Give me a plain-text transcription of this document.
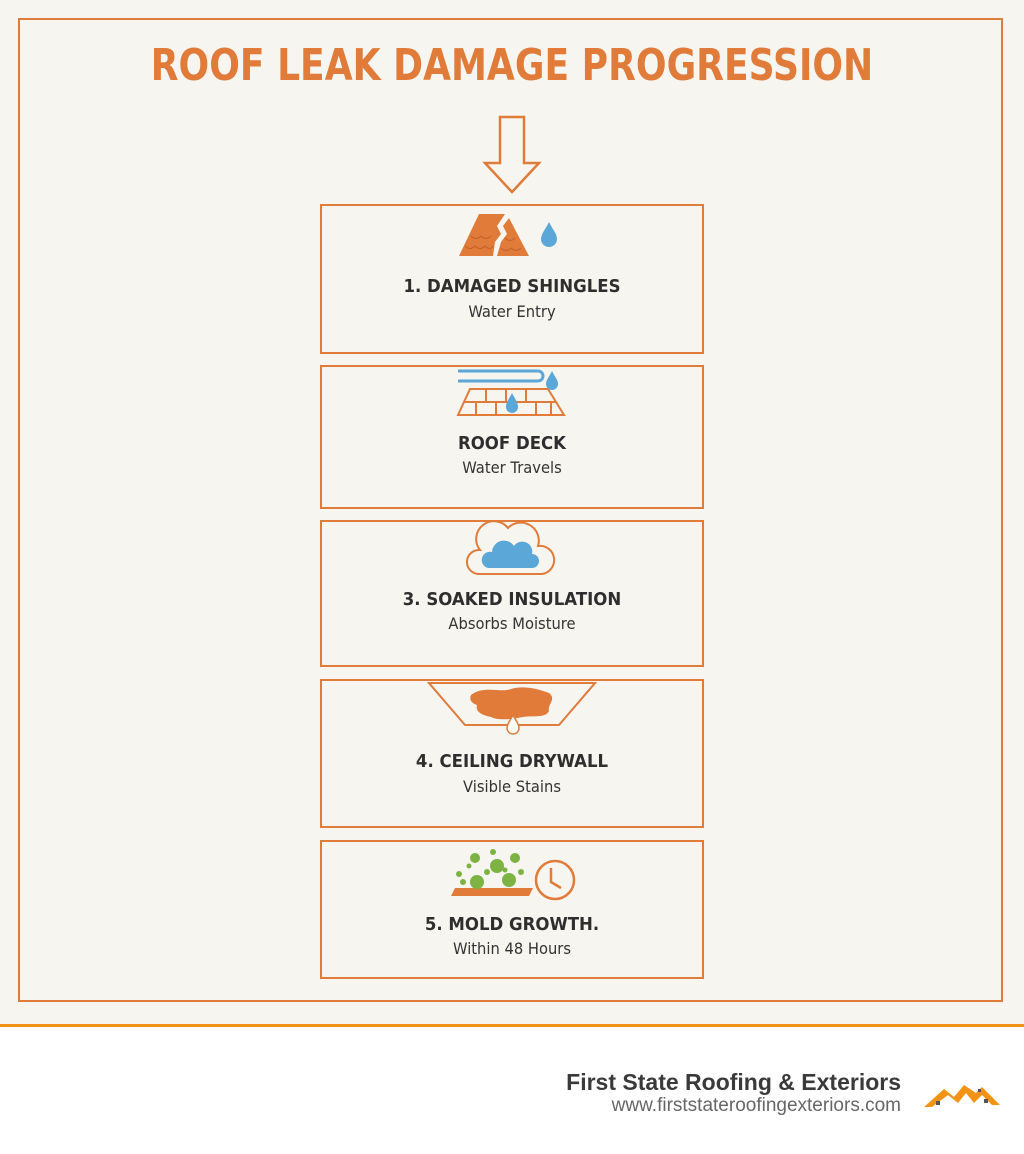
ROOF LEAK DAMAGE PROGRESSION
1. DAMAGED SHINGLES
Water Entry
ROOF DECK
Water Travels
3. SOAKED INSULATION
Absorbs Moisture
4. CEILING DRYWALL
Visible Stains
5. MOLD GROWTH.
Within 48 Hours
First State Roofing & Exteriors
www.firststateroofingexteriors.com
